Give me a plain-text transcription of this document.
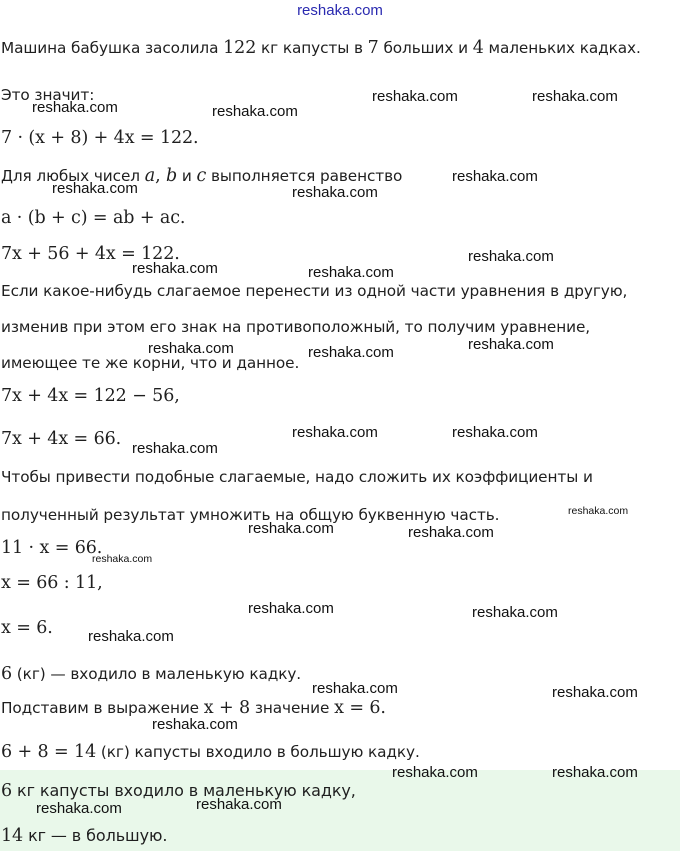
reshaka.com
Машина бабушка засолила 122 кг капусты в 7 больших и 4 маленьких кадках.
Это значит:
7 · (x + 8) + 4x = 122.
Для любых чисел a, b и c выполняется равенство
a · (b + c) = ab + ac.
7x + 56 + 4x = 122.
Если какое-нибудь слагаемое перенести из одной части уравнения в другую,
изменив при этом его знак на противоположный, то получим уравнение,
имеющее те же корни, что и данное.
7x + 4x = 122 − 56,
7x + 4x = 66.
Чтобы привести подобные слагаемые, надо сложить их коэффициенты и
полученный результат умножить на общую буквенную часть.
11 · x = 66.
x = 66 : 11,
x = 6.
6 (кг) — входило в маленькую кадку.
Подставим в выражение x + 8 значение x = 6.
6 + 8 = 14 (кг) капусты входило в большую кадку.
6 кг капусты входило в маленькую кадку,
14 кг — в большую.
reshaka.com	reshaka.com
reshaka.com	reshaka.com
reshaka.com	reshaka.com
reshaka.com
reshaka.com	reshaka.com
reshaka.com
reshaka.com	reshaka.com	reshaka.com
reshaka.com
reshaka.com	reshaka.com
reshaka.com
reshaka.com	reshaka.com
reshaka.com
reshaka.com	reshaka.com
reshaka.com
reshaka.com	reshaka.com
reshaka.com
reshaka.com	reshaka.com
reshaka.com	reshaka.com
